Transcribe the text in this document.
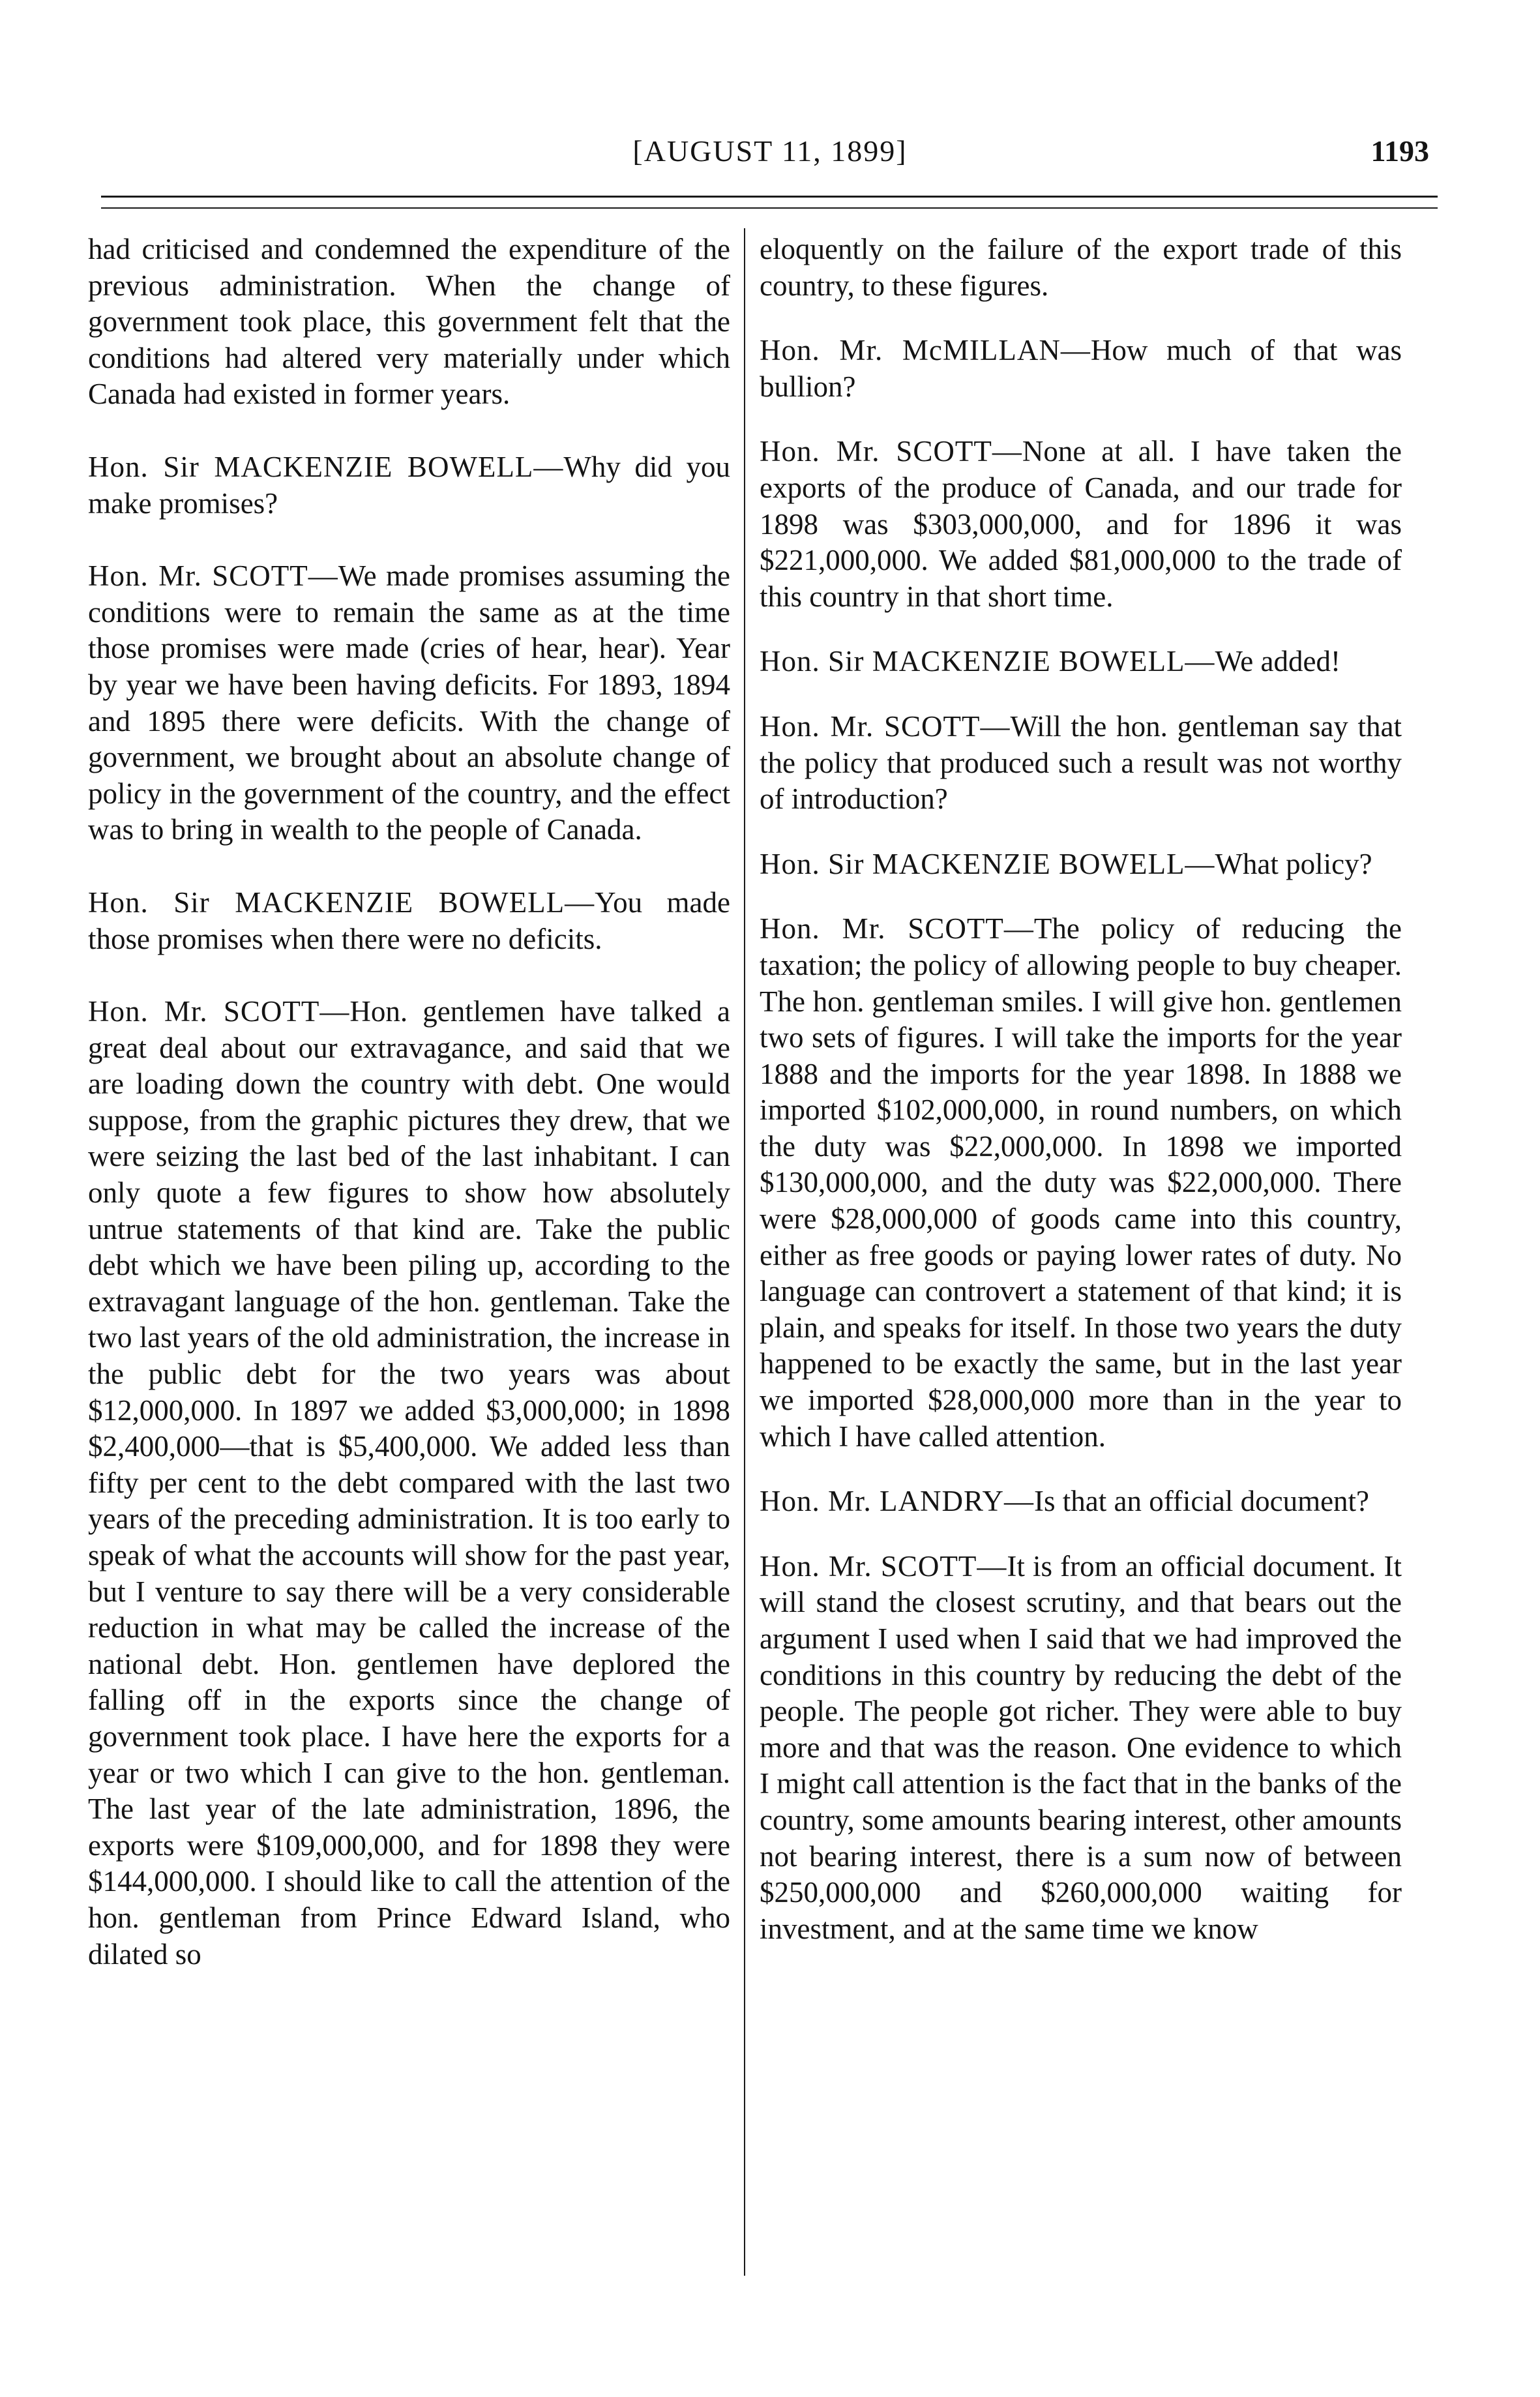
[AUGUST 11, 1899]	1193

had criticised and condemned the expenditure of the previous administration. When the change of government took place, this government felt that the conditions had altered very materially under which Canada had existed in former years.

Hon. Sir MACKENZIE BOWELL—Why did you make promises?

Hon. Mr. SCOTT—We made promises assuming the conditions were to remain the same as at the time those promises were made (cries of hear, hear). Year by year we have been having deficits. For 1893, 1894 and 1895 there were deficits. With the change of government, we brought about an absolute change of policy in the government of the country, and the effect was to bring in wealth to the people of Canada.

Hon. Sir MACKENZIE BOWELL—You made those promises when there were no deficits.

Hon. Mr. SCOTT—Hon. gentlemen have talked a great deal about our extravagance, and said that we are loading down the country with debt. One would suppose, from the graphic pictures they drew, that we were seizing the last bed of the last inhabitant. I can only quote a few figures to show how absolutely untrue statements of that kind are. Take the public debt which we have been piling up, according to the extravagant language of the hon. gentleman. Take the two last years of the old administration, the increase in the public debt for the two years was about $12,000,000. In 1897 we added $3,000,000; in 1898 $2,400,000—that is $5,400,000. We added less than fifty per cent to the debt compared with the last two years of the preceding administration. It is too early to speak of what the accounts will show for the past year, but I venture to say there will be a very considerable reduction in what may be called the increase of the national debt. Hon. gentlemen have deplored the falling off in the exports since the change of government took place. I have here the exports for a year or two which I can give to the hon. gentleman. The last year of the late administration, 1896, the exports were $109,000,000, and for 1898 they were $144,000,000. I should like to call the attention of the hon. gentleman from Prince Edward Island, who dilated so

eloquently on the failure of the export trade of this country, to these figures.

Hon. Mr. McMILLAN—How much of that was bullion?

Hon. Mr. SCOTT—None at all. I have taken the exports of the produce of Canada, and our trade for 1898 was $303,000,000, and for 1896 it was $221,000,000. We added $81,000,000 to the trade of this country in that short time.

Hon. Sir MACKENZIE BOWELL—We added!

Hon. Mr. SCOTT—Will the hon. gentleman say that the policy that produced such a result was not worthy of introduction?

Hon. Sir MACKENZIE BOWELL—What policy?

Hon. Mr. SCOTT—The policy of reducing the taxation; the policy of allowing people to buy cheaper. The hon. gentleman smiles. I will give hon. gentlemen two sets of figures. I will take the imports for the year 1888 and the imports for the year 1898. In 1888 we imported $102,000,000, in round numbers, on which the duty was $22,000,000. In 1898 we imported $130,000,000, and the duty was $22,000,000. There were $28,000,000 of goods came into this country, either as free goods or paying lower rates of duty. No language can controvert a statement of that kind; it is plain, and speaks for itself. In those two years the duty happened to be exactly the same, but in the last year we imported $28,000,000 more than in the year to which I have called attention.

Hon. Mr. LANDRY—Is that an official document?

Hon. Mr. SCOTT—It is from an official document. It will stand the closest scrutiny, and that bears out the argument I used when I said that we had improved the conditions in this country by reducing the debt of the people. The people got richer. They were able to buy more and that was the reason. One evidence to which I might call attention is the fact that in the banks of the country, some amounts bearing interest, other amounts not bearing interest, there is a sum now of between $250,000,000 and $260,000,000 waiting for investment, and at the same time we know
